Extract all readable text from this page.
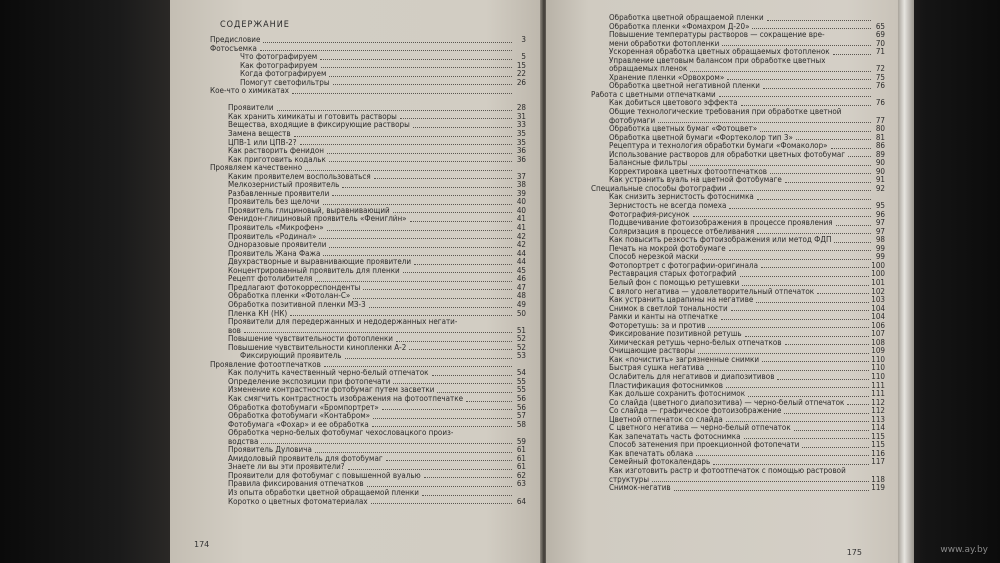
СОДЕРЖАНИЕ
Предисловие	3
Фотосъемка
Что фотографируем	5
Как фотографируем	15
Когда фотографируем	22
Помогут светофильтры	26
Кое-что о химикатах
Проявители	28
Как хранить химикаты и готовить растворы	31
Вещества, входящие в фиксирующие растворы	33
Замена веществ	35
ЦПВ-1 или ЦПВ-2?	35
Как растворить фенидон	36
Как приготовить кодальк	36
Проявляем качественно
Каким проявителем воспользоваться	37
Мелкозернистый проявитель	38
Разбавленные проявители	39
Проявитель без щелочи	40
Проявитель глициновый, выравнивающий	40
Фенидон-глициновый проявитель «Фенигли́н»	41
Проявитель «Микрофен»	41
Проявитель «Родинал»	42
Одноразовые проявители	42
Проявитель Жана Фажа	44
Двухрастворные и выравнивающие проявители	44
Концентрированный проявитель для пленки	45
Рецепт фотолибителя	46
Предлагают фотокорреспонденты	47
Обработка пленки «Фотолан-С»	48
Обработка позитивной пленки МЗ-3	49
Пленка КН (НК)	50
Проявители для передержанных и недодержанных негати-
вов	51
Повышение чувствительности фотопленки	52
Повышение чувствительности кинопленки А-2	52
Фиксирующий проявитель	53
Проявление фотоотпечатков
Как получить качественный черно-белый отпечаток	54
Определение экспозиции при фотопечати	55
Изменение контрастности фотобумаг путем засветки	55
Как смягчить контрастность изображения на фотоотпечатке	56
Обработка фотобумаги «Бромпортрет»	56
Обработка фотобумаги «Контабром»	57
Фотобумага «Фохар» и ее обработка	58
Обработка черно-белых фотобумаг чехословацкого произ-
водства	59
Проявитель Дуловича	61
Амидоловый проявитель для фотобумаг	61
Знаете ли вы эти проявители?	61
Проявители для фотобумаг с повышенной вуалью	62
Правила фиксирования отпечатков	63
Из опыта обработки цветной обращаемой пленки
Коротко о цветных фотоматериалах	64
174
Обработка цветной обращаемой пленки
Обработка пленки «Фомахром Д-20»	65
Повышение температуры растворов — сокращение вре-	69
мени обработки фотопленки	70
Ускоренная обработка цветных обращаемых фотопленок	71
Управление цветовым балансом при обработке цветных
обращаемых пленок	72
Хранение пленки «Орвохром»	75
Обработка цветной негативной пленки	76
Работа с цветными отпечатками
Как добиться цветового эффекта	76
Общие технологические требования при обработке цветной
фотобумаги	77
Обработка цветных бумаг «Фотоцвет»	80
Обработка цветной бумаги «Фортеколор тип 3»	81
Рецептура и технология обработки бумаги «Фомаколор»	86
Использование растворов для обработки цветных фотобумаг	89
Балансные фильтры	90
Корректировка цветных фотоотпечатков	90
Как устранить вуаль на цветной фотобумаге	91
Специальные способы фотографии	92
Как снизить зернистость фотоснимка
Зернистость не всегда помеха	95
Фотография-рисунок	96
Подцвечивание фотоизображения в процессе проявления	97
Соляризация в процессе отбеливания	97
Как повысить резкость фотоизображения или метод ФДП	98
Печать на мокрой фотобумаге	99
Способ нерезкой маски	99
Фотопортрет с фотографии-оригинала	100
Реставрация старых фотографий	100
Белый фон с помощью ретушевки	101
С вялого негатива — удовлетворительный отпечаток	102
Как устранить царапины на негативе	103
Снимок в светлой тональности	104
Рамки и канты на отпечатке	104
Фоторетушь: за и против	106
Фиксирование позитивной ретушь	107
Химическая ретушь черно-белых отпечатков	108
Очищающие растворы	109
Как «почистить» загрязненные снимки	110
Быстрая сушка негатива	110
Ослабитель для негативов и диапозитивов	110
Пластификация фотоснимков	111
Как дольше сохранить фотоснимок	111
Со слайда (цветного диапозитива) — черно-белый отпечаток	112
Со слайда — графическое фотоизображение	112
Цветной отпечаток со слайда	113
С цветного негатива — черно-белый отпечаток	114
Как запечатать часть фотоснимка	115
Способ затенения при проекционной фотопечати	115
Как впечатать облака	116
Семейный фотокалендарь	117
Как изготовить растр и фотоотпечаток с помощью растровой
структуры	118
Снимок-негатив	119
175	www.ay.by
